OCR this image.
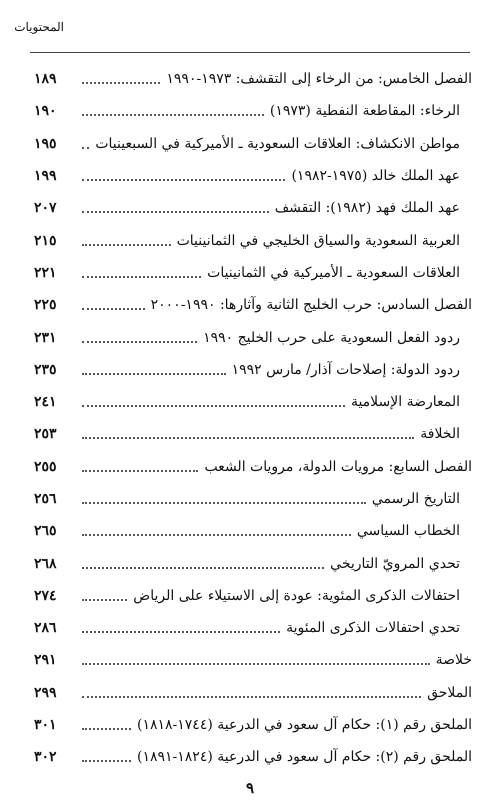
المحتويات
الفصل الخامس: من الرخاء إلى التقشف: ١٩٧٣-١٩٩٠
١٨٩
الرخاء: المقاطعة النفطية (١٩٧٣)
١٩٠
مواطن الانكشاف: العلاقات السعودية ـ الأميركية في السبعينيات
١٩٥
عهد الملك خالد (١٩٧٥-١٩٨٢)
١٩٩
عهد الملك فهد (١٩٨٢): التقشف
٢٠٧
العربية السعودية والسياق الخليجي في الثمانينيات
٢١٥
العلاقات السعودية ـ الأميركية في الثمانينيات
٢٢١
الفصل السادس: حرب الخليج الثانية وآثارها: ١٩٩٠-٢٠٠٠
٢٢٥
ردود الفعل السعودية على حرب الخليج ١٩٩٠
٢٣١
ردود الدولة: إصلاحات آذار/ مارس ١٩٩٢
٢٣٥
المعارضة الإسلامية
٢٤١
الخلافة
٢٥٣
الفصل السابع: مرويات الدولة، مرويات الشعب
٢٥٥
التاريخ الرسمي
٢٥٦
الخطاب السياسي
٢٦٥
تحدي المرويّ التاريخي
٢٦٨
احتفالات الذكرى المئوية: عودة إلى الاستيلاء على الرياض
٢٧٤
تحدي احتفالات الذكرى المئوية
٢٨٦
خلاصة
٢٩١
الملاحق
٢٩٩
الملحق رقم (١): حكام آل سعود في الدرعية (١٧٤٤-١٨١٨)
٣٠١
الملحق رقم (٢): حكام آل سعود في الدرعية (١٨٢٤-١٨٩١)
٣٠٢
٩
